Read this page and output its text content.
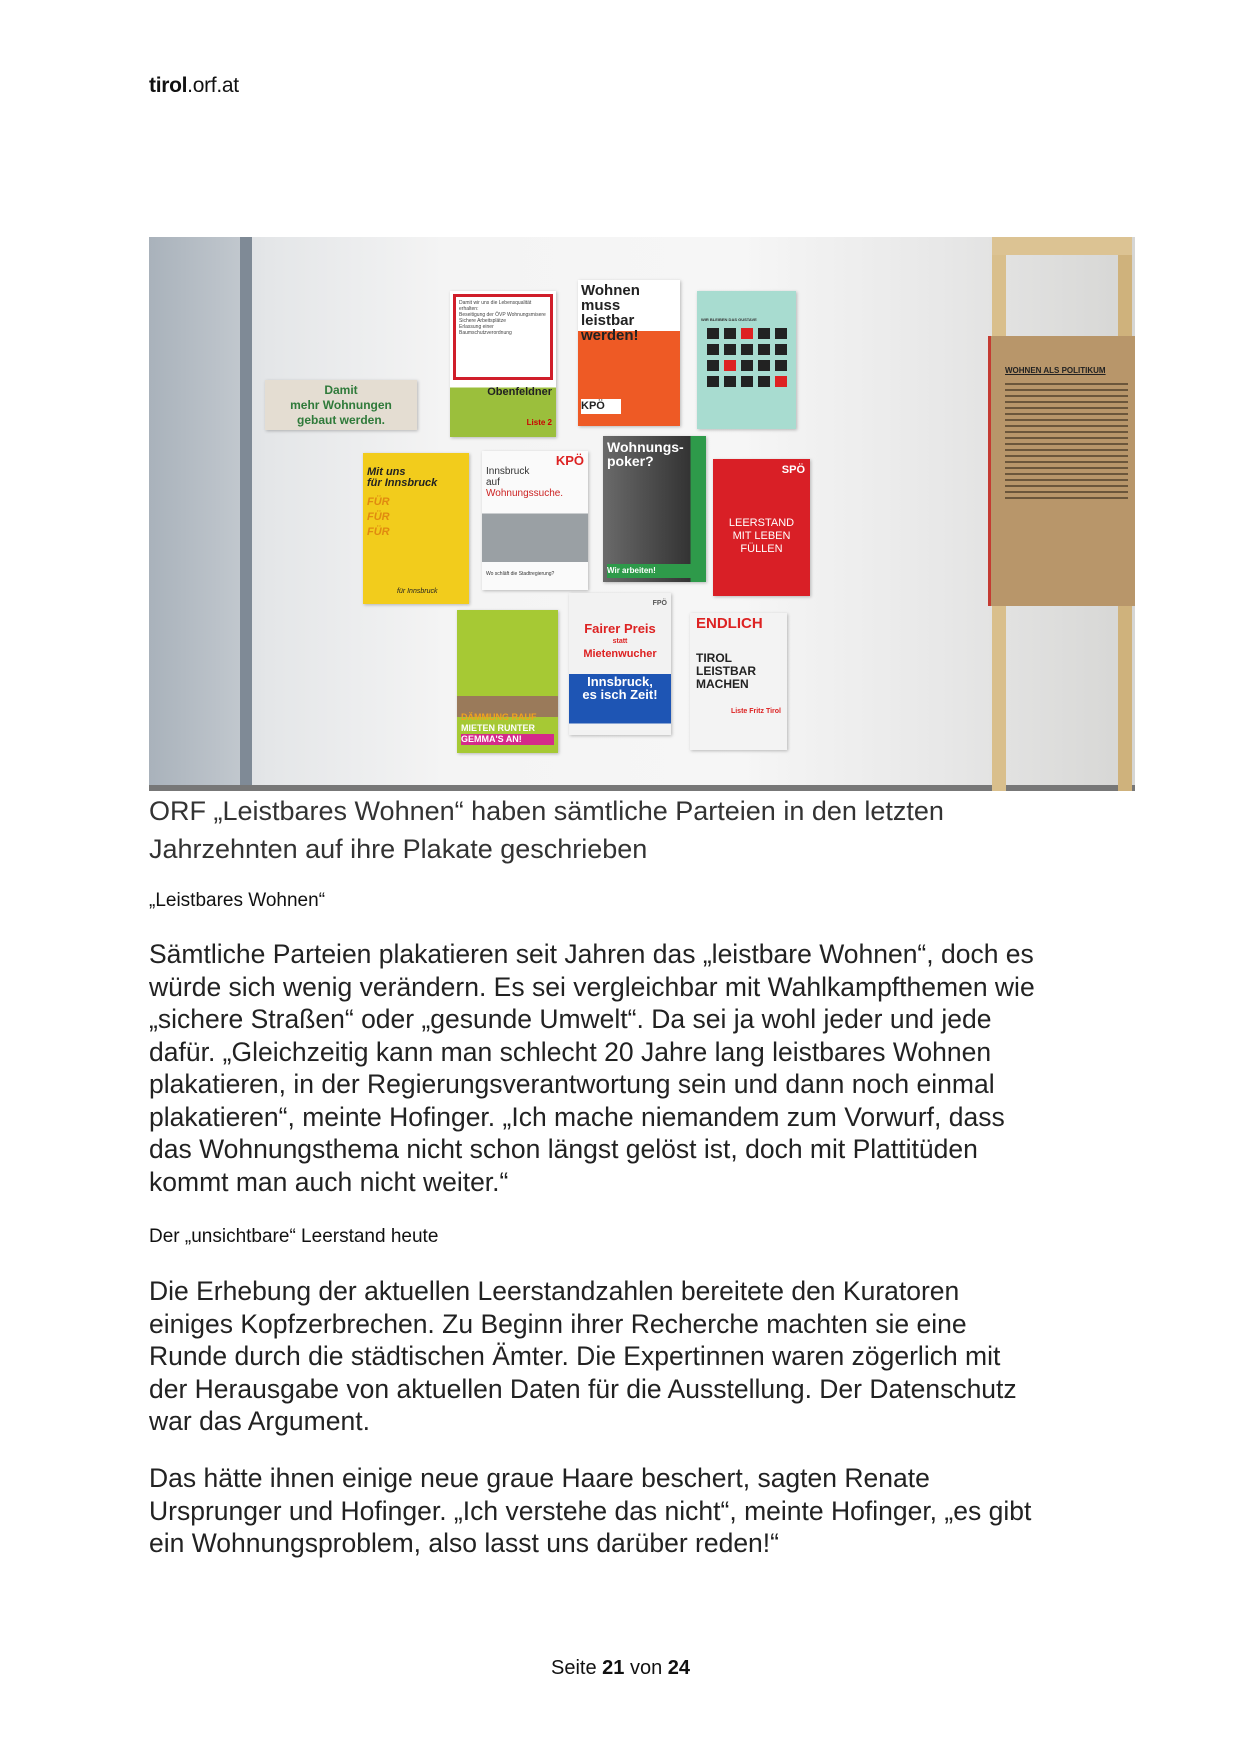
tirol.orf.at
Damit
mehr Wohnungen
gebaut werden.
Damit wir uns die Lebensqualität erhalten:
Beseitigung der ÖVP Wohnungsmisere
Sichere Arbeitsplätze
Erlassung einer Baumschutzverordnung
Obenfeldner
Liste 2
Wohnen
muss leistbar
werden!
KPÖ
WIR BLEIBEN DAS GUSTAVE
Mit uns
für Innsbruck
FÜR
FÜR
FÜR
für Innsbruck
KPÖ
Innsbruck
auf
Wohnungssuche.
Wo schläft die Stadtregierung?
Wohnungs-
poker?
Wir arbeiten!
SPÖ
LEERSTAND
MIT LEBEN
FÜLLEN
DÄMMUNG RAUF
MIETEN RUNTER
GEMMA'S AN!
FPÖ
Fairer Preis
statt
Mietenwucher
Innsbruck,
es isch Zeit!
ENDLICH
TIROL
LEISTBAR
MACHEN
Liste Fritz Tirol
WOHNEN ALS POLITIKUM
ORF „Leistbares Wohnen“ haben sämtliche Parteien in den letzten
Jahrzehnten auf ihre Plakate geschrieben
„Leistbares Wohnen“
Sämtliche Parteien plakatieren seit Jahren das „leistbare Wohnen“, doch es
würde sich wenig verändern. Es sei vergleichbar mit Wahlkampfthemen wie
„sichere Straßen“ oder „gesunde Umwelt“. Da sei ja wohl jeder und jede
dafür. „Gleichzeitig kann man schlecht 20 Jahre lang leistbares Wohnen
plakatieren, in der Regierungsverantwortung sein und dann noch einmal
plakatieren“, meinte Hofinger. „Ich mache niemandem zum Vorwurf, dass
das Wohnungsthema nicht schon längst gelöst ist, doch mit Plattitüden
kommt man auch nicht weiter.“
Der „unsichtbare“ Leerstand heute
Die Erhebung der aktuellen Leerstandzahlen bereitete den Kuratoren
einiges Kopfzerbrechen. Zu Beginn ihrer Recherche machten sie eine
Runde durch die städtischen Ämter. Die Expertinnen waren zögerlich mit
der Herausgabe von aktuellen Daten für die Ausstellung. Der Datenschutz
war das Argument.
Das hätte ihnen einige neue graue Haare beschert, sagten Renate
Ursprunger und Hofinger. „Ich verstehe das nicht“, meinte Hofinger, „es gibt
ein Wohnungsproblem, also lasst uns darüber reden!“
Seite 21 von 24
